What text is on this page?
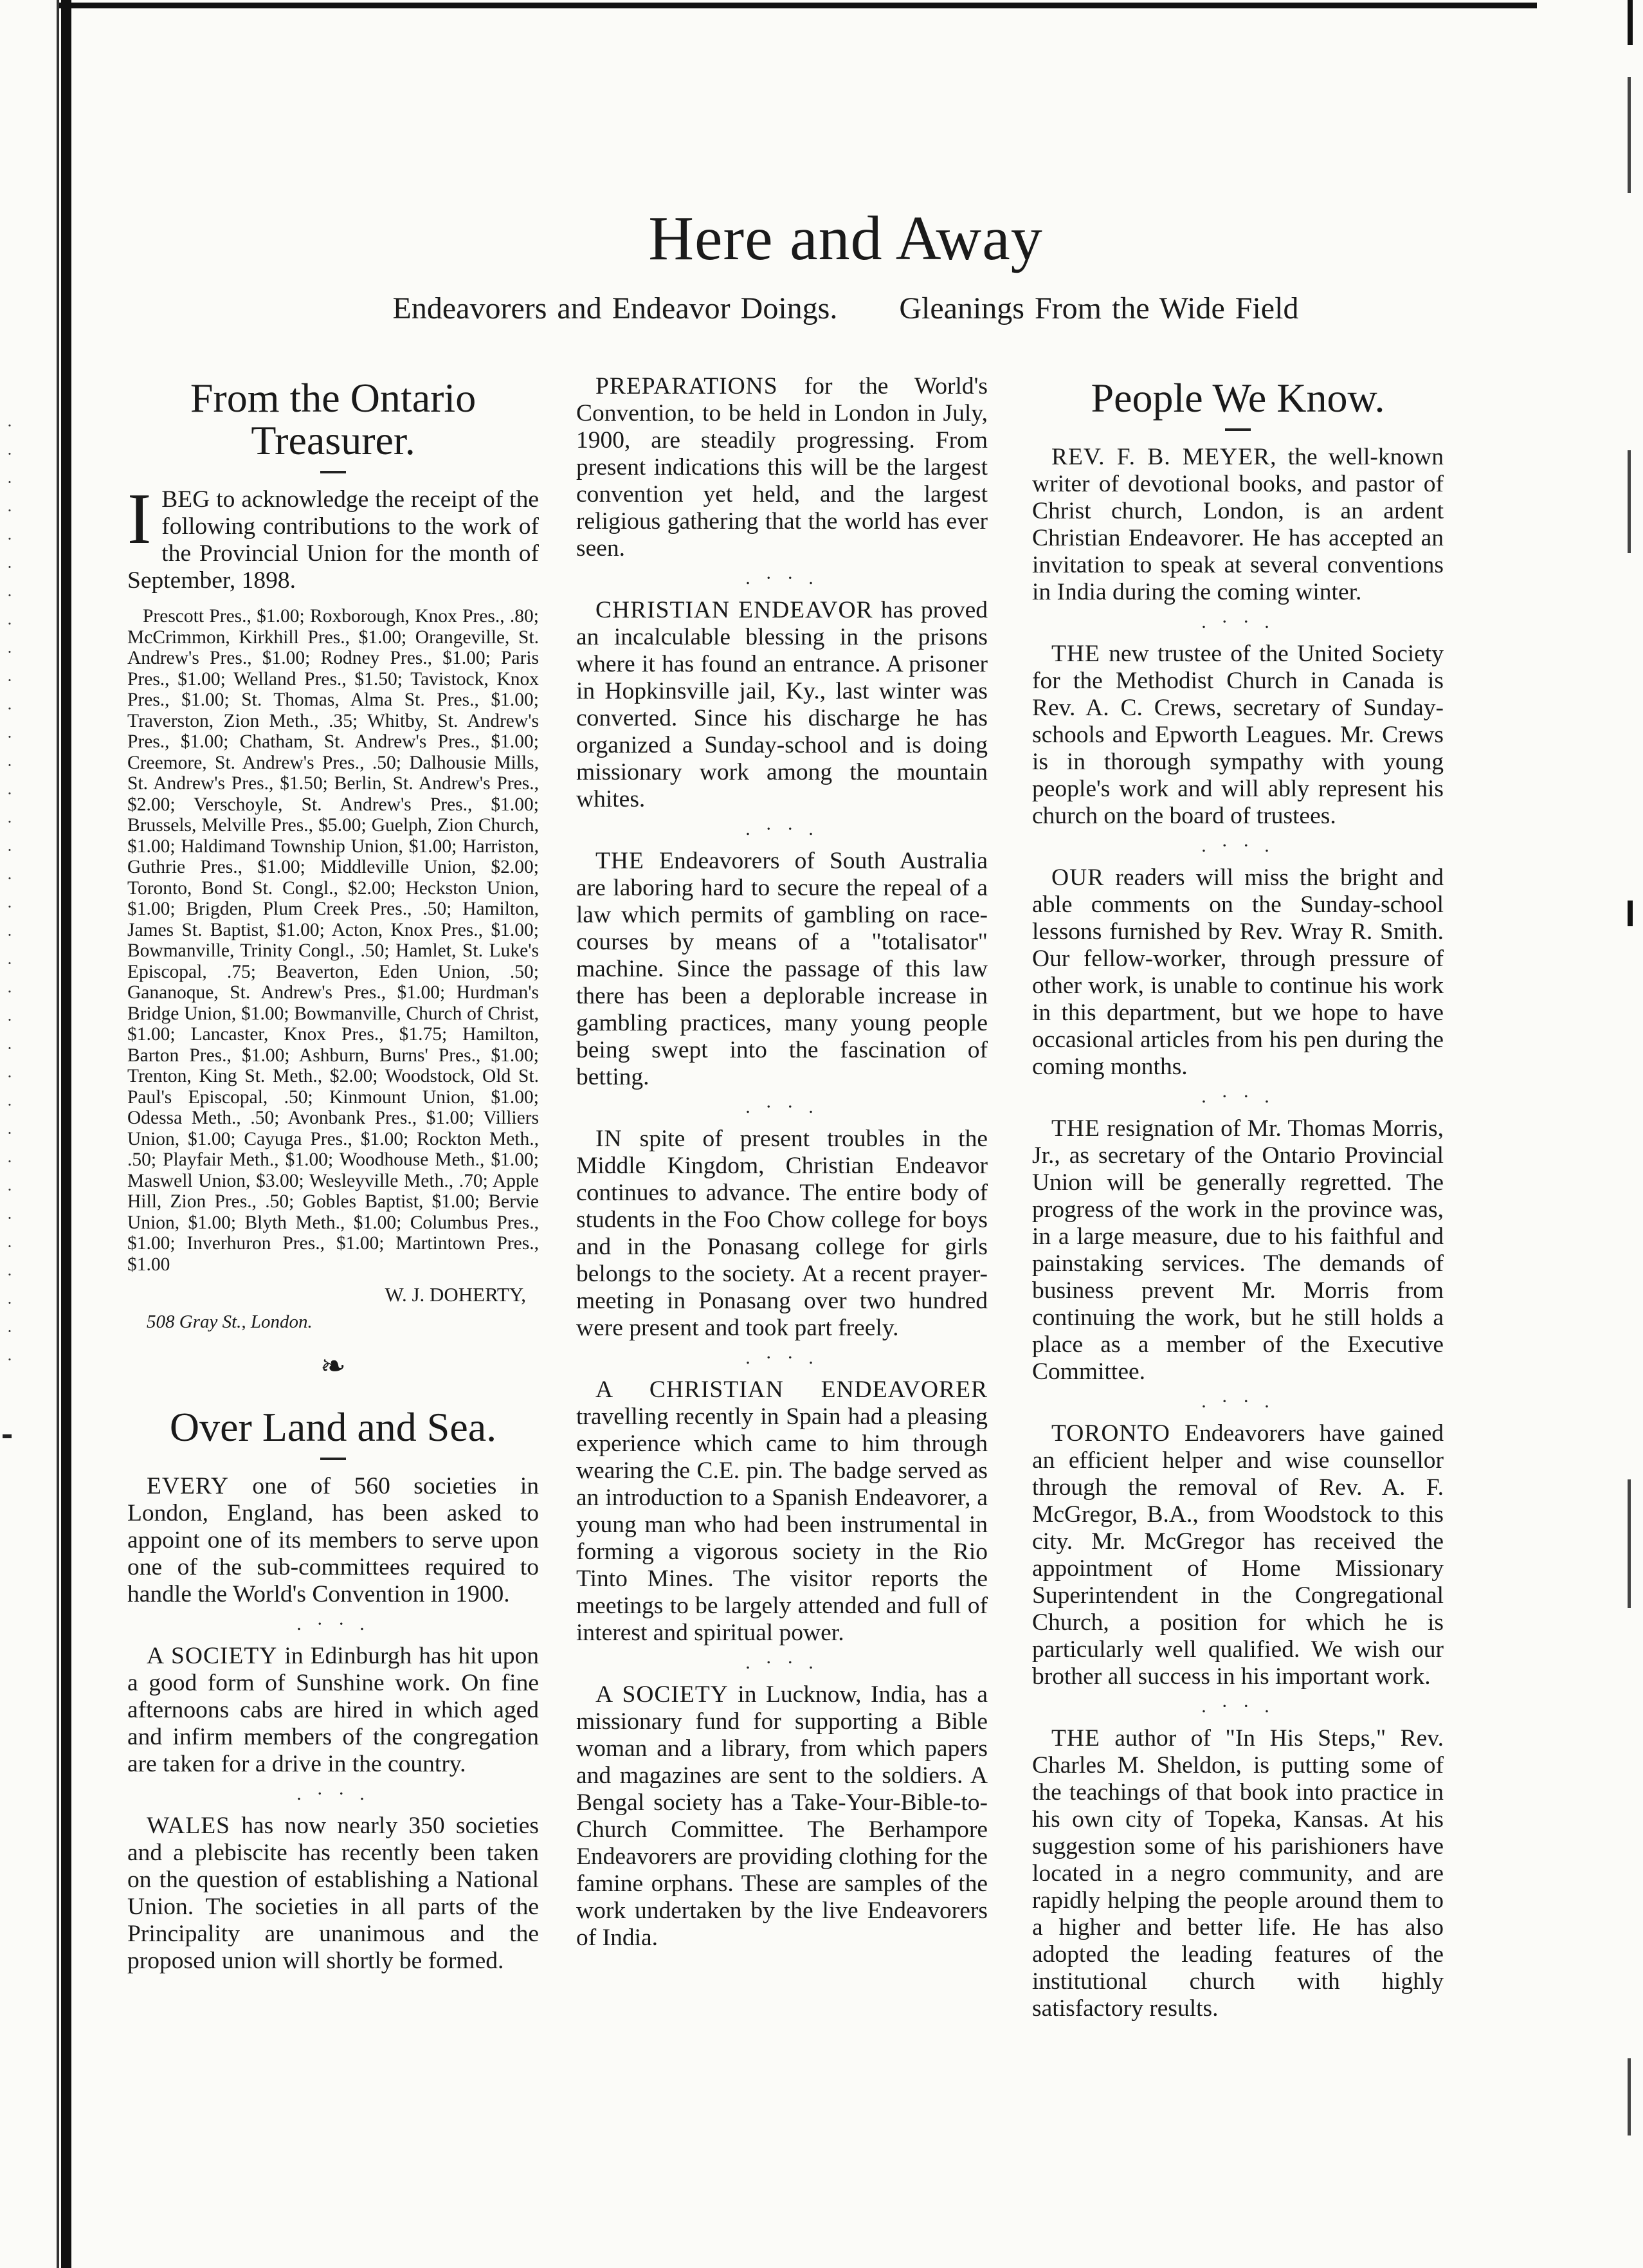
·
·
·
·
·
·
·
·
·
·
·
·
·
·
·
·
·
·
·
·
·
·
·
·
·
·
·
·
·
·
·
·
·
·
Here and Away
Endeavorers and Endeavor Doings. Gleanings From the Wide Field
From the Ontario Treasurer.

I BEG to acknowledge the receipt of the following contributions to the work of the Provincial Union for the month of September, 1898.

Prescott Pres., $1.00; Roxborough, Knox Pres., .80; McCrimmon, Kirkhill Pres., $1.00; Orangeville, St. Andrew's Pres., $1.00; Rodney Pres., $1.00; Paris Pres., $1.00; Welland Pres., $1.50; Tavistock, Knox Pres., $1.00; St. Thomas, Alma St. Pres., $1.00; Traverston, Zion Meth., .35; Whitby, St. Andrew's Pres., $1.00; Chatham, St. Andrew's Pres., $1.00; Creemore, St. Andrew's Pres., .50; Dalhousie Mills, St. Andrew's Pres., $1.50; Berlin, St. Andrew's Pres., $2.00; Verschoyle, St. Andrew's Pres., $1.00; Brussels, Melville Pres., $5.00; Guelph, Zion Church, $1.00; Haldimand Township Union, $1.00; Harriston, Guthrie Pres., $1.00; Middleville Union, $2.00; Toronto, Bond St. Congl., $2.00; Heckston Union, $1.00; Brigden, Plum Creek Pres., .50; Hamilton, James St. Baptist, $1.00; Acton, Knox Pres., $1.00; Bowmanville, Trinity Congl., .50; Hamlet, St. Luke's Episcopal, .75; Beaverton, Eden Union, .50; Gananoque, St. Andrew's Pres., $1.00; Hurdman's Bridge Union, $1.00; Bowmanville, Church of Christ, $1.00; Lancaster, Knox Pres., $1.75; Hamilton, Barton Pres., $1.00; Ashburn, Burns' Pres., $1.00; Trenton, King St. Meth., $2.00; Woodstock, Old St. Paul's Episcopal, .50; Kinmount Union, $1.00; Odessa Meth., .50; Avonbank Pres., $1.00; Villiers Union, $1.00; Cayuga Pres., $1.00; Rockton Meth., .50; Playfair Meth., $1.00; Woodhouse Meth., $1.00; Maswell Union, $3.00; Wesleyville Meth., .70; Apple Hill, Zion Pres., .50; Gobles Baptist, $1.00; Bervie Union, $1.00; Blyth Meth., $1.00; Columbus Pres., $1.00; Inverhuron Pres., $1.00; Martintown Pres., $1.00

W. J. DOHERTY,
508 Gray St., London.
❧
Over Land and Sea.

EVERY one of 560 societies in London, England, has been asked to appoint one of its members to serve upon one of the sub-committees required to handle the World's Convention in 1900.

. · · .

A SOCIETY in Edinburgh has hit upon a good form of Sunshine work. On fine afternoons cabs are hired in which aged and infirm members of the congregation are taken for a drive in the country.

. · · .

WALES has now nearly 350 societies and a plebiscite has recently been taken on the question of establishing a National Union. The societies in all parts of the Principality are unanimous and the proposed union will shortly be formed.

PREPARATIONS for the World's Convention, to be held in London in July, 1900, are steadily progressing. From present indications this will be the largest convention yet held, and the largest religious gathering that the world has ever seen.

. · · .

CHRISTIAN ENDEAVOR has proved an incalculable blessing in the prisons where it has found an entrance. A prisoner in Hopkinsville jail, Ky., last winter was converted. Since his discharge he has organized a Sunday-school and is doing missionary work among the mountain whites.

. · · .

THE Endeavorers of South Australia are laboring hard to secure the repeal of a law which permits of gambling on race-courses by means of a "totalisator" machine. Since the passage of this law there has been a deplorable increase in gambling practices, many young people being swept into the fascination of betting.

. · · .

IN spite of present troubles in the Middle Kingdom, Christian Endeavor continues to advance. The entire body of students in the Foo Chow college for boys and in the Ponasang college for girls belongs to the society. At a recent prayer-meeting in Ponasang over two hundred were present and took part freely.

. · · .

A CHRISTIAN ENDEAVORER travelling recently in Spain had a pleasing experience which came to him through wearing the C.E. pin. The badge served as an introduction to a Spanish Endeavorer, a young man who had been instrumental in forming a vigorous society in the Rio Tinto Mines. The visitor reports the meetings to be largely attended and full of interest and spiritual power.

. · · .

A SOCIETY in Lucknow, India, has a missionary fund for supporting a Bible woman and a library, from which papers and magazines are sent to the soldiers. A Bengal society has a Take-Your-Bible-to-Church Committee. The Berhampore Endeavorers are providing clothing for the famine orphans. These are samples of the work undertaken by the live Endeavorers of India.

People We Know.

REV. F. B. MEYER, the well-known writer of devotional books, and pastor of Christ church, London, is an ardent Christian Endeavorer. He has accepted an invitation to speak at several conventions in India during the coming winter.

. · · .

THE new trustee of the United Society for the Methodist Church in Canada is Rev. A. C. Crews, secretary of Sunday-schools and Epworth Leagues. Mr. Crews is in thorough sympathy with young people's work and will ably represent his church on the board of trustees.

. · · .

OUR readers will miss the bright and able comments on the Sunday-school lessons furnished by Rev. Wray R. Smith. Our fellow-worker, through pressure of other work, is unable to continue his work in this department, but we hope to have occasional articles from his pen during the coming months.

. · · .

THE resignation of Mr. Thomas Morris, Jr., as secretary of the Ontario Provincial Union will be generally regretted. The progress of the work in the province was, in a large measure, due to his faithful and painstaking services. The demands of business prevent Mr. Morris from continuing the work, but he still holds a place as a member of the Executive Committee.

. · · .

TORONTO Endeavorers have gained an efficient helper and wise counsellor through the removal of Rev. A. F. McGregor, B.A., from Woodstock to this city. Mr. McGregor has received the appointment of Home Missionary Superintendent in the Congregational Church, a position for which he is particularly well qualified. We wish our brother all success in his important work.

. · · .

THE author of "In His Steps," Rev. Charles M. Sheldon, is putting some of the teachings of that book into practice in his own city of Topeka, Kansas. At his suggestion some of his parishioners have located in a negro community, and are rapidly helping the people around them to a higher and better life. He has also adopted the leading features of the institutional church with highly satisfactory results.
